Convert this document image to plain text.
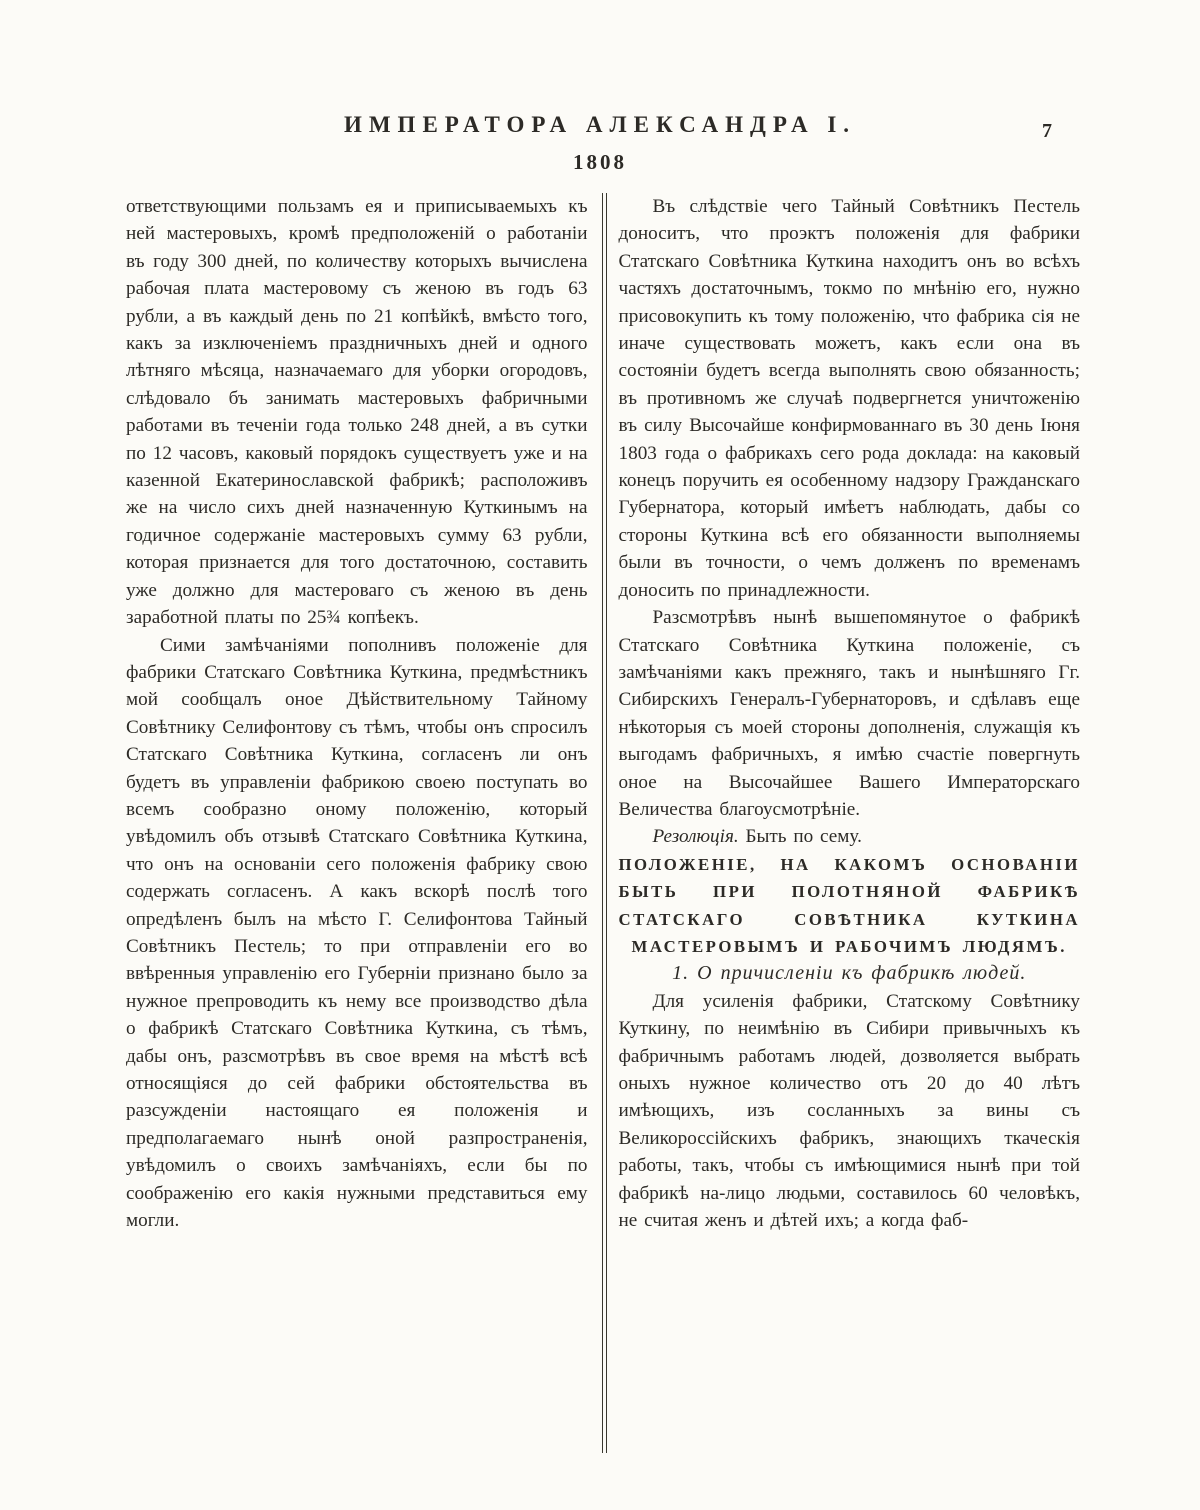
ИМПЕРАТОРА АЛЕКСАНДРА I.	7
1808

ответствующими пользамъ ея и приписываемыхъ къ ней мастеровыхъ, кромѣ предположеній о работаніи въ году 300 дней, по количеству которыхъ вычислена рабочая плата мастеровому съ женою въ годъ 63 рубли, а въ каждый день по 21 копѣйкѣ, вмѣсто того, какъ за изключеніемъ праздничныхъ дней и одного лѣтняго мѣсяца, назначаемаго для уборки огородовъ, слѣдовало бъ занимать мастеровыхъ фабричными работами въ теченіи года только 248 дней, а въ сутки по 12 часовъ, каковый порядокъ существуетъ уже и на казенной Екатеринославской фабрикѣ; расположивъ же на число сихъ дней назначенную Куткинымъ на годичное содержаніе мастеровыхъ сумму 63 рубли, которая признается для того достаточною, составить уже должно для мастероваго съ женою въ день заработной платы по 25¾ копѣекъ.

Сими замѣчаніями пополнивъ положеніе для фабрики Статскаго Совѣтника Куткина, предмѣстникъ мой сообщалъ оное Дѣйствительному Тайному Совѣтнику Селифонтову съ тѣмъ, чтобы онъ спросилъ Статскаго Совѣтника Куткина, согласенъ ли онъ будетъ въ управленіи фабрикою своею поступать во всемъ сообразно оному положенію, который увѣдомилъ объ отзывѣ Статскаго Совѣтника Куткина, что онъ на основаніи сего положенія фабрику свою содержать согласенъ. А какъ вскорѣ послѣ того опредѣленъ былъ на мѣсто Г. Селифонтова Тайный Совѣтникъ Пестель; то при отправленіи его во ввѣренныя управленію его Губерніи признано было за нужное препроводить къ нему все производство дѣла о фабрикѣ Статскаго Совѣтника Куткина, съ тѣмъ, дабы онъ, разсмотрѣвъ въ свое время на мѣстѣ всѣ относящіяся до сей фабрики обстоятельства въ разсужденіи настоящаго ея положенія и предполагаемаго нынѣ оной разпространенія, увѣдомилъ о своихъ замѣчаніяхъ, если бы по соображенію его какія нужными представиться ему могли.

Въ слѣдствіе чего Тайный Совѣтникъ Пестель доноситъ, что проэктъ положенія для фабрики Статскаго Совѣтника Куткина находитъ онъ во всѣхъ частяхъ достаточнымъ, токмо по мнѣнію его, нужно присовокупить къ тому положенію, что фабрика сія не иначе существовать можетъ, какъ если она въ состояніи будетъ всегда выполнять свою обязанность; въ противномъ же случаѣ подвергнется уничтоженію въ силу Высочайше конфирмованнаго въ 30 день Іюня 1803 года о фабрикахъ сего рода доклада: на каковый конецъ поручить ея особенному надзору Гражданскаго Губернатора, который имѣетъ наблюдать, дабы со стороны Куткина всѣ его обязанности выполняемы были въ точности, о чемъ долженъ по временамъ доносить по принадлежности.

Разсмотрѣвъ нынѣ вышепомянутое о фабрикѣ Статскаго Совѣтника Куткина положеніе, съ замѣчаніями какъ прежняго, такъ и нынѣшняго Гг. Сибирскихъ Генералъ-Губернаторовъ, и сдѣлавъ еще нѣкоторыя съ моей стороны дополненія, служащія къ выгодамъ фабричныхъ, я имѣю счастіе повергнуть оное на Высочайшее Вашего Императорскаго Величества благоусмотрѣніе.

Резолюція. Быть по сему.

ПОЛОЖЕНІЕ, НА КАКОМЪ ОСНОВАНІИ БЫТЬ ПРИ ПОЛОТНЯНОЙ ФАБРИКѢ СТАТСКАГО СОВѢТНИКА КУТКИНА МАСТЕРОВЫМЪ И РАБОЧИМЪ ЛЮДЯМЪ.

1. О причисленіи къ фабрикѣ людей.

Для усиленія фабрики, Статскому Совѣтнику Куткину, по неимѣнію въ Сибири привычныхъ къ фабричнымъ работамъ людей, дозволяется выбрать оныхъ нужное количество отъ 20 до 40 лѣтъ имѣющихъ, изъ сосланныхъ за вины съ Великороссійскихъ фабрикъ, знающихъ ткаческія работы, такъ, чтобы съ имѣющимися нынѣ при той фабрикѣ на-лицо людьми, составилось 60 человѣкъ, не считая женъ и дѣтей ихъ; а когда фаб-
